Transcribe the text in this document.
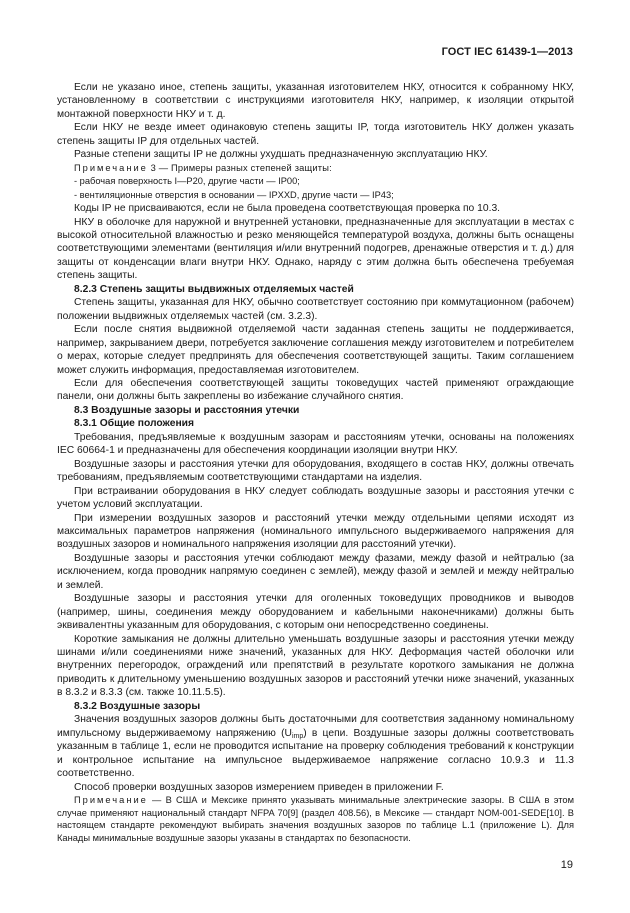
ГОСТ IEC 61439-1—2013

Если не указано иное, степень защиты, указанная изготовителем НКУ, относится к собранному НКУ, установленному в соответствии с инструкциями изготовителя НКУ, например, к изоляции открытой монтажной поверхности НКУ и т. д.

Если НКУ не везде имеет одинаковую степень защиты IP, тогда изготовитель НКУ должен указать степень защиты IP для отдельных частей.

Разные степени защиты IP не должны ухудшать предназначенную эксплуатацию НКУ.

Примечание 3 — Примеры разных степеней защиты:

- рабочая поверхность I—P20, другие части — IP00;

- вентиляционные отверстия в основании — IPXXD, другие части — IP43;

Коды IP не присваиваются, если не была проведена соответствующая проверка по 10.3.

НКУ в оболочке для наружной и внутренней установки, предназначенные для эксплуатации в местах с высокой относительной влажностью и резко меняющейся температурой воздуха, должны быть оснащены соответствующими элементами (вентиляция и/или внутренний подогрев, дренажные отверстия и т. д.) для защиты от конденсации влаги внутри НКУ. Однако, наряду с этим должна быть обеспечена требуемая степень защиты.

8.2.3 Степень защиты выдвижных отделяемых частей

Степень защиты, указанная для НКУ, обычно соответствует состоянию при коммутационном (рабочем) положении выдвижных отделяемых частей (см. 3.2.3).

Если после снятия выдвижной отделяемой части заданная степень защиты не поддерживается, например, закрыванием двери, потребуется заключение соглашения между изготовителем и потребителем о мерах, которые следует предпринять для обеспечения соответствующей защиты. Таким соглашением может служить информация, предоставляемая изготовителем.

Если для обеспечения соответствующей защиты токоведущих частей применяют ограждающие панели, они должны быть закреплены во избежание случайного снятия.

8.3 Воздушные зазоры и расстояния утечки

8.3.1 Общие положения

Требования, предъявляемые к воздушным зазорам и расстояниям утечки, основаны на положениях IEC 60664-1 и предназначены для обеспечения координации изоляции внутри НКУ.

Воздушные зазоры и расстояния утечки для оборудования, входящего в состав НКУ, должны отвечать требованиям, предъявляемым соответствующими стандартами на изделия.

При встраивании оборудования в НКУ следует соблюдать воздушные зазоры и расстояния утечки с учетом условий эксплуатации.

При измерении воздушных зазоров и расстояний утечки между отдельными цепями исходят из максимальных параметров напряжения (номинального импульсного выдерживаемого напряжения для воздушных зазоров и номинального напряжения изоляции для расстояний утечки).

Воздушные зазоры и расстояния утечки соблюдают между фазами, между фазой и нейтралью (за исключением, когда проводник напрямую соединен с землей), между фазой и землей и между нейтралью и землей.

Воздушные зазоры и расстояния утечки для оголенных токоведущих проводников и выводов (например, шины, соединения между оборудованием и кабельными наконечниками) должны быть эквивалентны указанным для оборудования, с которым они непосредственно соединены.

Короткие замыкания не должны длительно уменьшать воздушные зазоры и расстояния утечки между шинами и/или соединениями ниже значений, указанных для НКУ. Деформация частей оболочки или внутренних перегородок, ограждений или препятствий в результате короткого замыкания не должна приводить к длительному уменьшению воздушных зазоров и расстояний утечки ниже значений, указанных в 8.3.2 и 8.3.3 (см. также 10.11.5.5).

8.3.2 Воздушные зазоры

Значения воздушных зазоров должны быть достаточными для соответствия заданному номинальному импульсному выдерживаемому напряжению $(U_{imp})$ в цепи. Воздушные зазоры должны соответствовать указанным в таблице 1, если не проводится испытание на проверку соблюдения требований к конструкции и контрольное испытание на импульсное выдерживаемое напряжение согласно 10.9.3 и 11.3 соответственно.

Способ проверки воздушных зазоров измерением приведен в приложении F.

Примечание — В США и Мексике принято указывать минимальные электрические зазоры. В США в этом случае применяют национальный стандарт NFPA 70[9] (раздел 408.56), в Мексике — стандарт NOM-001-SEDE[10]. В настоящем стандарте рекомендуют выбирать значения воздушных зазоров по таблице L.1 (приложение L). Для Канады минимальные воздушные зазоры указаны в стандартах по безопасности.

19
